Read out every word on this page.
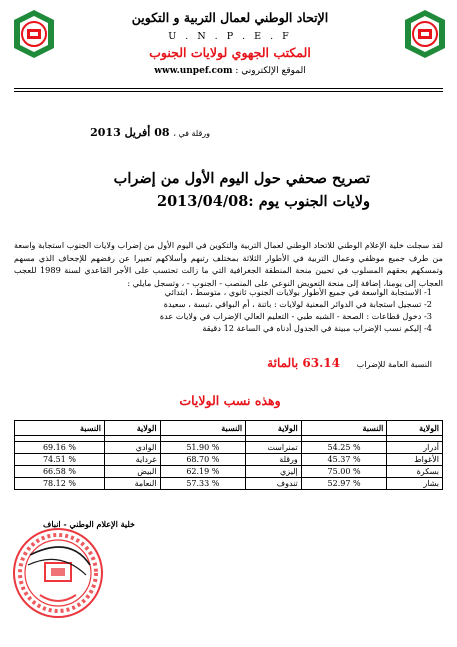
الإتحاد الوطني لعمال التربية و التكوين
U . N . P . E . F
المكتب الجهوي لولايات الجنوب
www.unpef.com الموقع الإلكتروني :
ورقلة في ، 08 أفريل 2013
تصريح صحفي حول اليوم الأول من إضراب
ولايات الجنوب يوم :2013/04/08
لقد سجلت خلية الإعلام الوطني للاتحاد الوطني لعمال التربية والتكوين في اليوم الأول من إضراب ولايات الجنوب استجابة واسعة من طرف جميع موظفي وعمال التربية في الأطوار الثلاثة بمختلف رتبهم وأسلاكهم تعبيرا عن رفضهم للإجحاف الذي مسهم وتمسكهم بحقهم المسلوب في تحيين منحة المنطقة الجغرافية التي ما زالت تحتسب على الأجر القاعدي لسنة 1989 للعجب العجاب إلى يومنا، إضافة إلى منحة التعويض النوعي على المنصب - الجنوب - ، وتسجل مايلي :
1- الاستجابة الواسعة في جميع الأطوار بولايات الجنوب ثانوي ، متوسط ، ابتدائي
2- تسجيل استجابة في الدوائر المعنية لولايات : باتنة ، أم البواقي ،تبسة ، سعيدة
3- دخول قطاعات : الصحة - الشبه طبي - التعليم العالي الإضراب في ولايات عدة
4- إليكم نسب الإضراب مبينة في الجدول أدناه في الساعة 12 دقيقة
النسبة العامة للإضراب 63.14 بالمائة
وهذه نسب الولايات
الولاية	النسبة	الولاية	النسبة	الولاية	النسبة

أدرار	54.25 %	تمنراست	51.90 %	الوادي	69.16 %
الأغواط	45.37 %	ورقلة	68.70 %	غرداية	74.51 %
بسكرة	75.00 %	إليزي	62.19 %	البيض	66.58 %
بشار	52.97 %	تندوف	57.33 %	النعامة	78.12 %
خلية الإعلام الوطني - انباف
